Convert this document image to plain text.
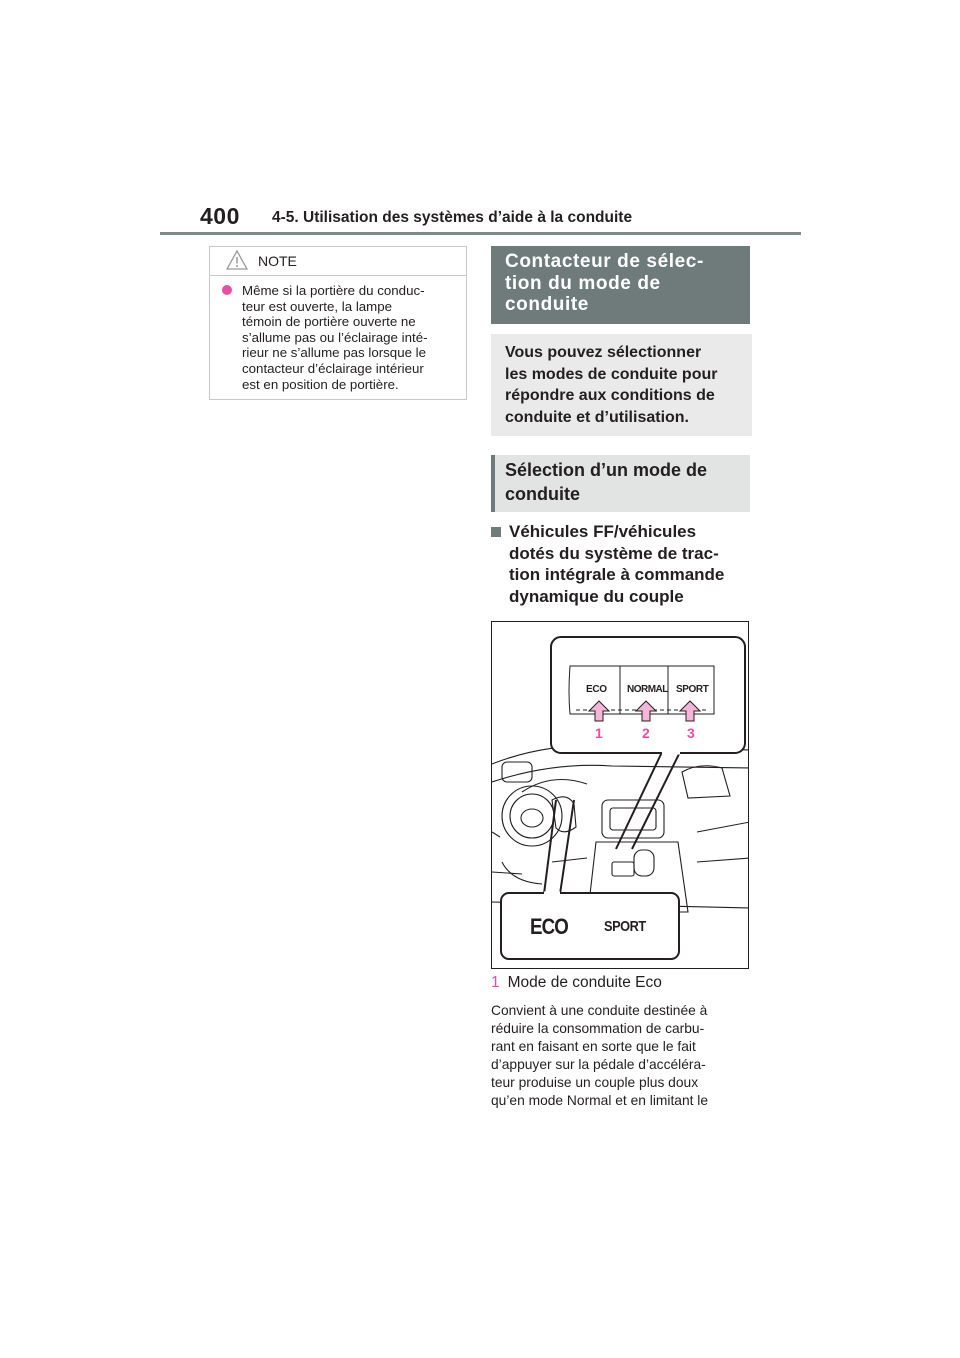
400 4-5. Utilisation des systèmes d’aide à la conduite
NOTE
Même si la portière du conduc-
teur est ouverte, la lampe
témoin de portière ouverte ne
s’allume pas ou l’éclairage inté-
rieur ne s’allume pas lorsque le
contacteur d’éclairage intérieur
est en position de portière.
Contacteur de sélec-
tion du mode de
conduite
Vous pouvez sélectionner
les modes de conduite pour
répondre aux conditions de
conduite et d’utilisation.
Sélection d’un mode de
conduite
Véhicules FF/véhicules
dotés du système de trac-
tion intégrale à commande
dynamique du couple
ECO NORMAL SPORT
1	2	3
ECO SPORT
1 Mode de conduite Eco
Convient à une conduite destinée à
réduire la consommation de carbu-
rant en faisant en sorte que le fait
d’appuyer sur la pédale d’accéléra-
teur produise un couple plus doux
qu’en mode Normal et en limitant le
